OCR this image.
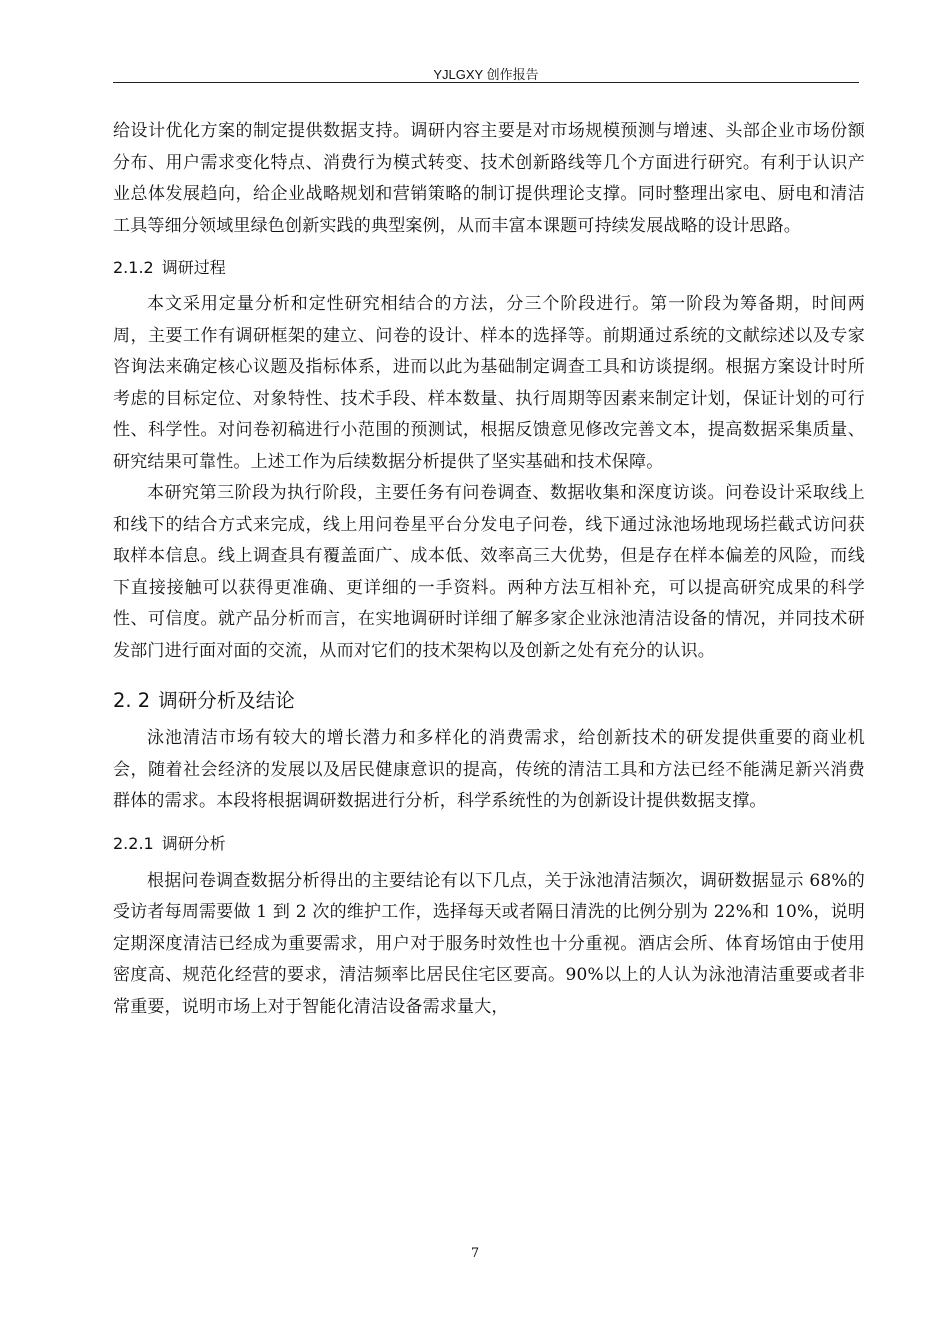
YJLGXY 创作报告

给设计优化方案的制定提供数据支持。调研内容主要是对市场规模预测与增速、头部企业市场份额分布、用户需求变化特点、消费行为模式转变、技术创新路线等几个方面进行研究。有利于认识产业总体发展趋向，给企业战略规划和营销策略的制订提供理论支撑。同时整理出家电、厨电和清洁工具等细分领域里绿色创新实践的典型案例，从而丰富本课题可持续发展战略的设计思路。

2.1.2 调研过程

本文采用定量分析和定性研究相结合的方法，分三个阶段进行。第一阶段为筹备期，时间两周，主要工作有调研框架的建立、问卷的设计、样本的选择等。前期通过系统的文献综述以及专家咨询法来确定核心议题及指标体系，进而以此为基础制定调查工具和访谈提纲。根据方案设计时所考虑的目标定位、对象特性、技术手段、样本数量、执行周期等因素来制定计划，保证计划的可行性、科学性。对问卷初稿进行小范围的预测试，根据反馈意见修改完善文本，提高数据采集质量、研究结果可靠性。上述工作为后续数据分析提供了坚实基础和技术保障。

本研究第三阶段为执行阶段，主要任务有问卷调查、数据收集和深度访谈。问卷设计采取线上和线下的结合方式来完成，线上用问卷星平台分发电子问卷，线下通过泳池场地现场拦截式访问获取样本信息。线上调查具有覆盖面广、成本低、效率高三大优势，但是存在样本偏差的风险，而线下直接接触可以获得更准确、更详细的一手资料。两种方法互相补充，可以提高研究成果的科学性、可信度。就产品分析而言，在实地调研时详细了解多家企业泳池清洁设备的情况，并同技术研发部门进行面对面的交流，从而对它们的技术架构以及创新之处有充分的认识。

2. 2 调研分析及结论

泳池清洁市场有较大的增长潜力和多样化的消费需求，给创新技术的研发提供重要的商业机会，随着社会经济的发展以及居民健康意识的提高，传统的清洁工具和方法已经不能满足新兴消费群体的需求。本段将根据调研数据进行分析，科学系统性的为创新设计提供数据支撑。

2.2.1 调研分析

根据问卷调查数据分析得出的主要结论有以下几点，关于泳池清洁频次，调研数据显示 68%的受访者每周需要做 1 到 2 次的维护工作，选择每天或者隔日清洗的比例分别为 22%和 10%，说明定期深度清洁已经成为重要需求，用户对于服务时效性也十分重视。酒店会所、体育场馆由于使用密度高、规范化经营的要求，清洁频率比居民住宅区要高。90%以上的人认为泳池清洁重要或者非常重要，说明市场上对于智能化清洁设备需求量大，

7
